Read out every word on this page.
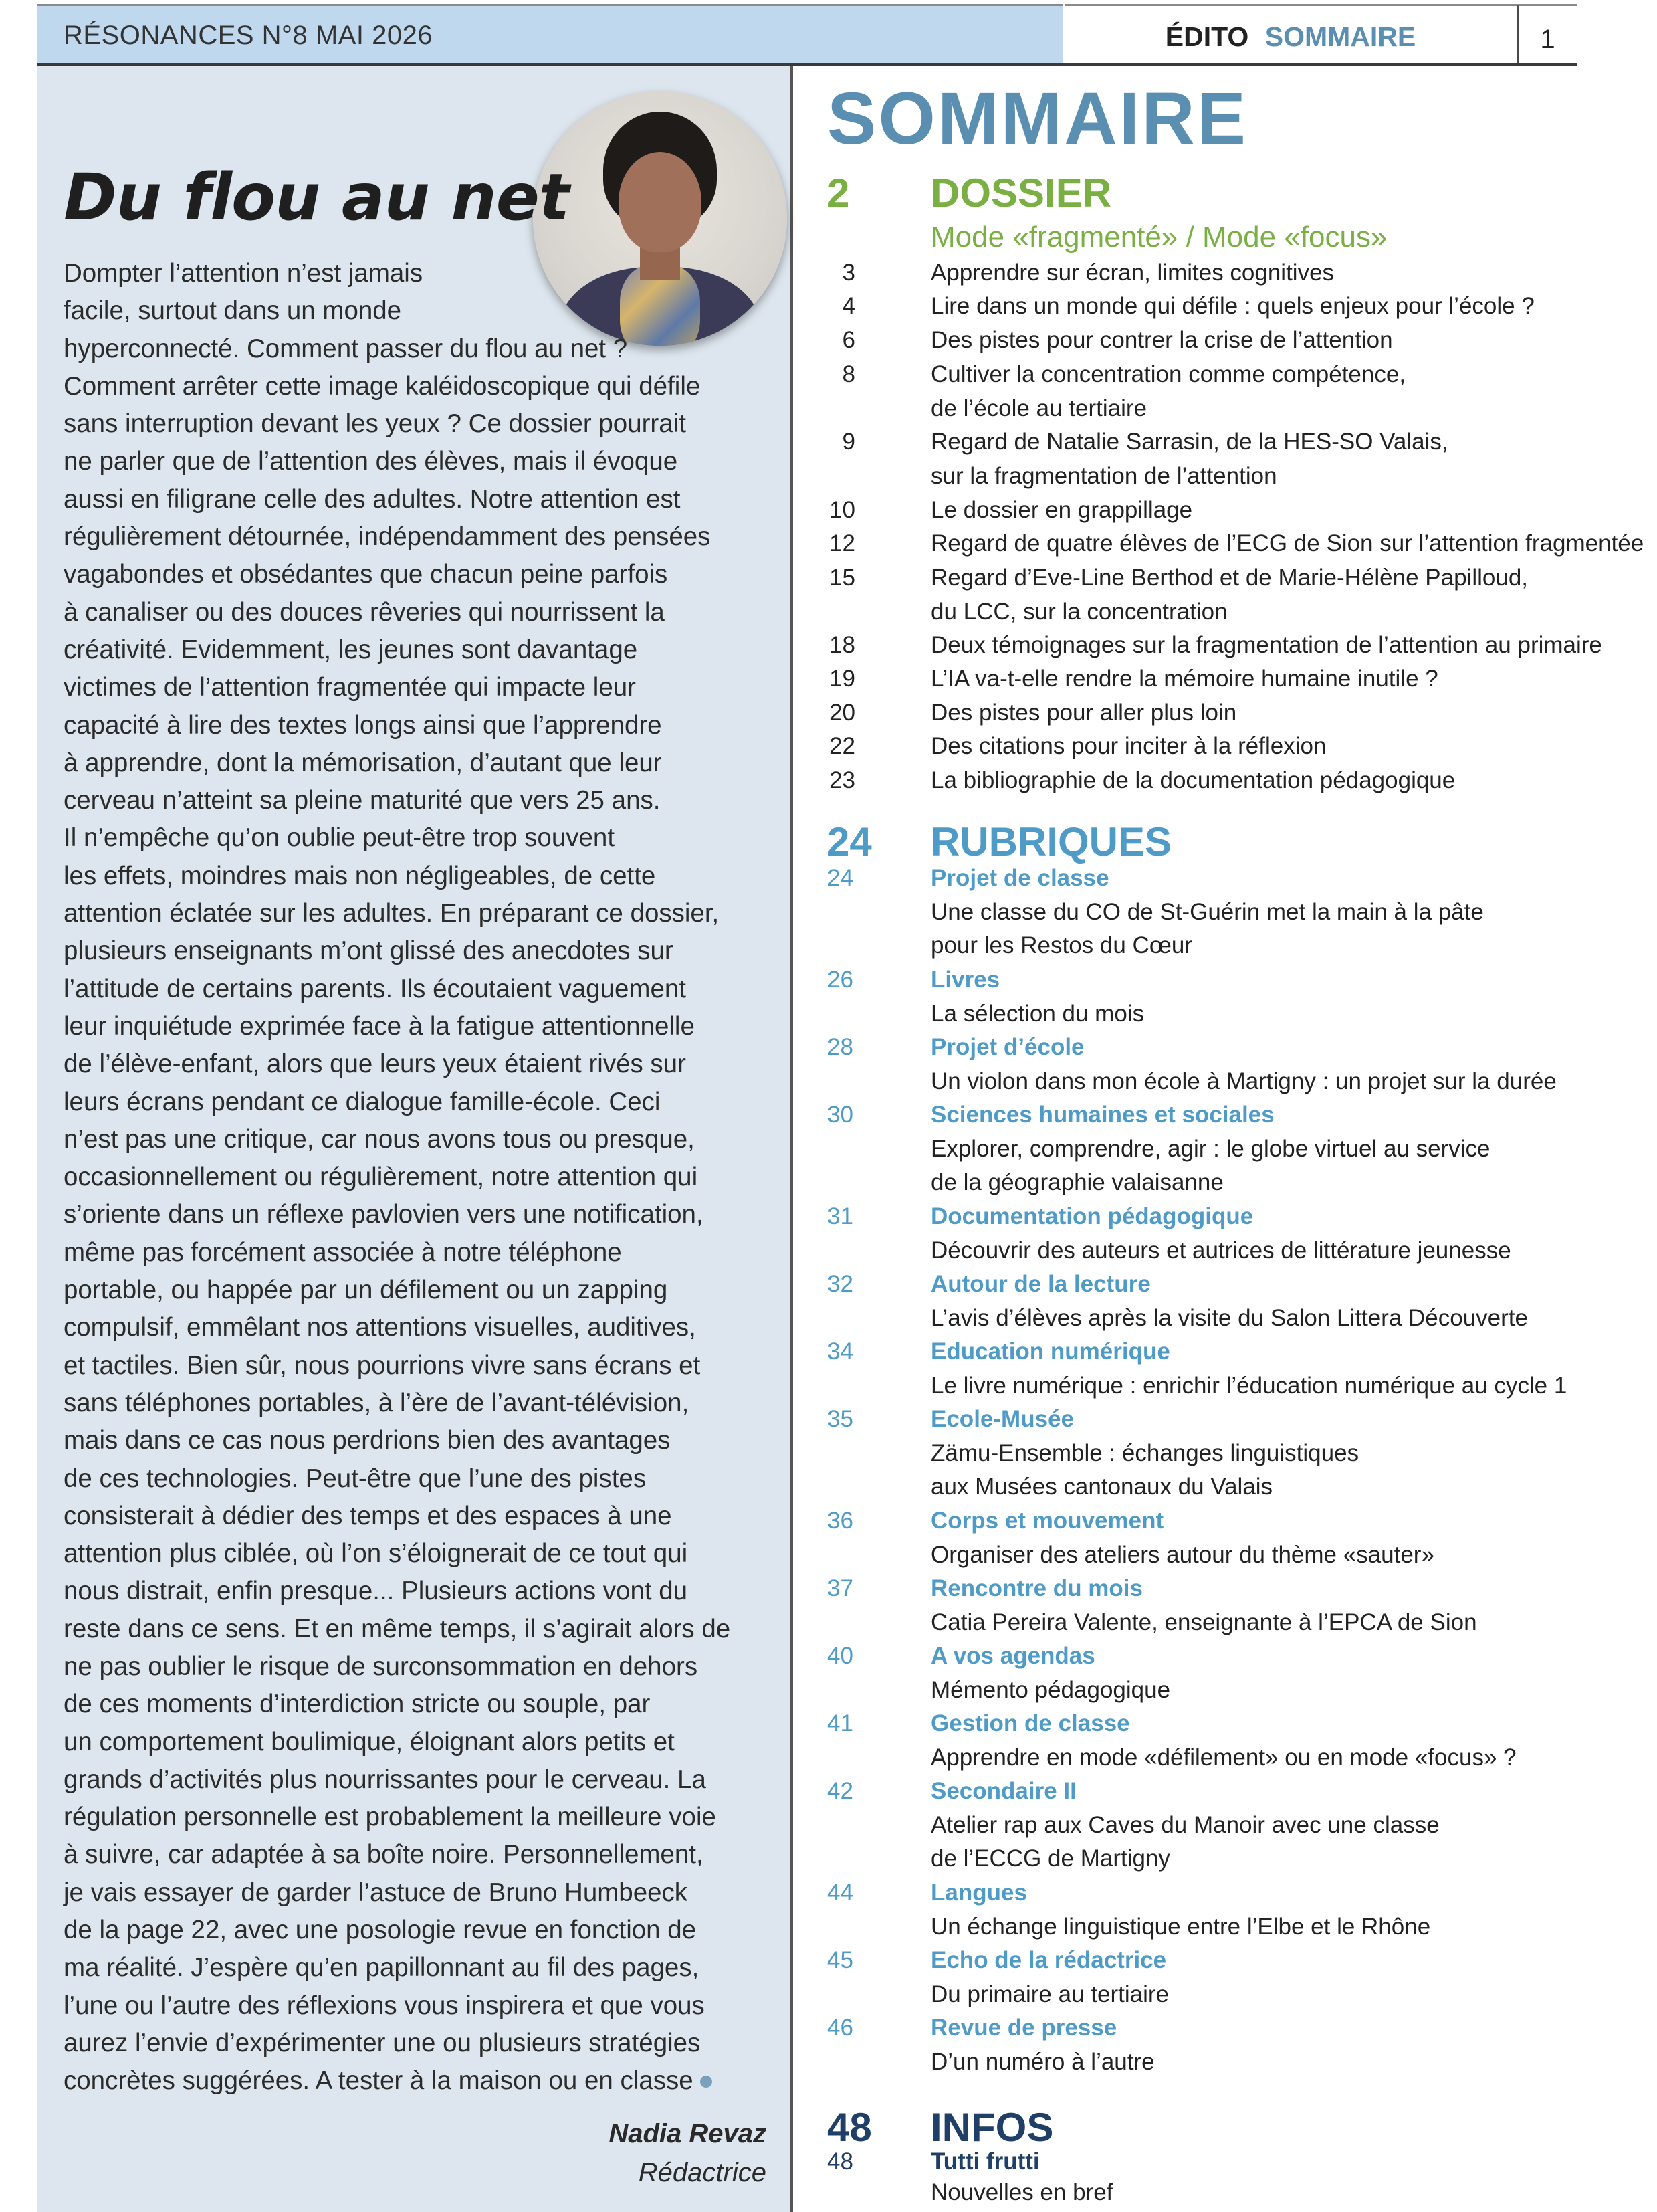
RÉSONANCES N°8 MAI 2026	ÉDITO SOMMAIRE	1
Du flou au net
Dompter l’attention n’est jamais
facile, surtout dans un monde
hyperconnecté. Comment passer du flou au net ?
Comment arrêter cette image kaléidoscopique qui défile
sans interruption devant les yeux ? Ce dossier pourrait
ne parler que de l’attention des élèves, mais il évoque
aussi en filigrane celle des adultes. Notre attention est
régulièrement détournée, indépendamment des pensées
vagabondes et obsédantes que chacun peine parfois
à canaliser ou des douces rêveries qui nourrissent la
créativité. Evidemment, les jeunes sont davantage
victimes de l’attention fragmentée qui impacte leur
capacité à lire des textes longs ainsi que l’apprendre
à apprendre, dont la mémorisation, d’autant que leur
cerveau n’atteint sa pleine maturité que vers 25 ans.
Il n’empêche qu’on oublie peut-être trop souvent
les effets, moindres mais non négligeables, de cette
attention éclatée sur les adultes. En préparant ce dossier,
plusieurs enseignants m’ont glissé des anecdotes sur
l’attitude de certains parents. Ils écoutaient vaguement
leur inquiétude exprimée face à la fatigue attentionnelle
de l’élève-enfant, alors que leurs yeux étaient rivés sur
leurs écrans pendant ce dialogue famille-école. Ceci
n’est pas une critique, car nous avons tous ou presque,
occasionnellement ou régulièrement, notre attention qui
s’oriente dans un réflexe pavlovien vers une notification,
même pas forcément associée à notre téléphone
portable, ou happée par un défilement ou un zapping
compulsif, emmêlant nos attentions visuelles, auditives,
et tactiles. Bien sûr, nous pourrions vivre sans écrans et
sans téléphones portables, à l’ère de l’avant-télévision,
mais dans ce cas nous perdrions bien des avantages
de ces technologies. Peut-être que l’une des pistes
consisterait à dédier des temps et des espaces à une
attention plus ciblée, où l’on s’éloignerait de ce tout qui
nous distrait, enfin presque... Plusieurs actions vont du
reste dans ce sens. Et en même temps, il s’agirait alors de
ne pas oublier le risque de surconsommation en dehors
de ces moments d’interdiction stricte ou souple, par
un comportement boulimique, éloignant alors petits et
grands d’activités plus nourrissantes pour le cerveau. La
régulation personnelle est probablement la meilleure voie
à suivre, car adaptée à sa boîte noire. Personnellement,
je vais essayer de garder l’astuce de Bruno Humbeeck
de la page 22, avec une posologie revue en fonction de
ma réalité. J’espère qu’en papillonnant au fil des pages,
l’une ou l’autre des réflexions vous inspirera et que vous
aurez l’envie d’expérimenter une ou plusieurs stratégies
concrètes suggérées. A tester à la maison ou en classe
Nadia Revaz
Rédactrice
SOMMAIRE
2 DOSSIER
Mode «fragmenté» / Mode «focus»
3	Apprendre sur écran, limites cognitives
4	Lire dans un monde qui défile : quels enjeux pour l’école ?
6	Des pistes pour contrer la crise de l’attention
8	Cultiver la concentration comme compétence,
de l’école au tertiaire
9	Regard de Natalie Sarrasin, de la HES-SO Valais,
sur la fragmentation de l’attention
10	Le dossier en grappillage
12	Regard de quatre élèves de l’ECG de Sion sur l’attention fragmentée
15	Regard d’Eve-Line Berthod et de Marie-Hélène Papilloud,
du LCC, sur la concentration
18	Deux témoignages sur la fragmentation de l’attention au primaire
19	L’IA va-t-elle rendre la mémoire humaine inutile ?
20	Des pistes pour aller plus loin
22	Des citations pour inciter à la réflexion
23	La bibliographie de la documentation pédagogique
24 RUBRIQUES
24	Projet de classe
Une classe du CO de St-Guérin met la main à la pâte
pour les Restos du Cœur
26	Livres
La sélection du mois
28	Projet d’école
Un violon dans mon école à Martigny : un projet sur la durée
30	Sciences humaines et sociales
Explorer, comprendre, agir : le globe virtuel au service
de la géographie valaisanne
31	Documentation pédagogique
Découvrir des auteurs et autrices de littérature jeunesse
32	Autour de la lecture
L’avis d’élèves après la visite du Salon Littera Découverte
34	Education numérique
Le livre numérique : enrichir l’éducation numérique au cycle 1
35	Ecole-Musée
Zämu-Ensemble : échanges linguistiques
aux Musées cantonaux du Valais
36	Corps et mouvement
Organiser des ateliers autour du thème «sauter»
37	Rencontre du mois
Catia Pereira Valente, enseignante à l’EPCA de Sion
40	A vos agendas
Mémento pédagogique
41	Gestion de classe
Apprendre en mode «défilement» ou en mode «focus» ?
42	Secondaire II
Atelier rap aux Caves du Manoir avec une classe
de l’ECCG de Martigny
44	Langues
Un échange linguistique entre l’Elbe et le Rhône
45	Echo de la rédactrice
Du primaire au tertiaire
46	Revue de presse
D’un numéro à l’autre
48 INFOS
48	Tutti frutti
Nouvelles en bref
